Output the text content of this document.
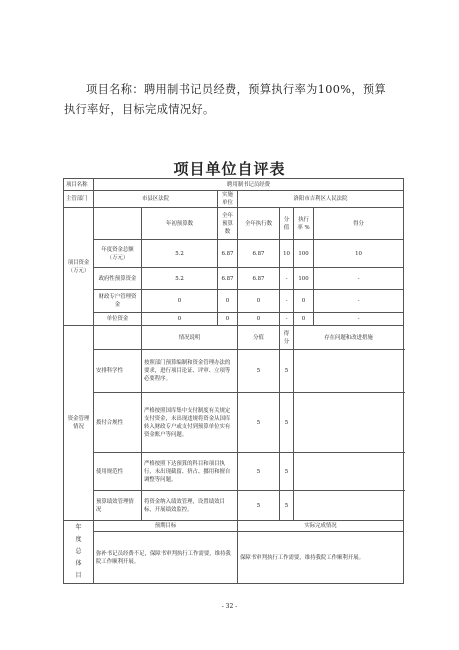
项目名称：聘用制书记员经费，预算执行率为100%，预算

执行率好，目标完成情况好。
项目单位自评表
项目名称	聘用制书记员经费						
主管部门	市县区法院		实施单位	洛阳市吉利区人民法院			
项目资金（万元）		年初预算数	全年预算数	全年执行数	分值	执行率 %	得分
	年度资金总额（万元）	5.2	6.87	6.87	10	100	10
	政府性预算资金	5.2	6.87	6.87	-	100	-
	财政专户管理资金	0	0	0	-	0	-
	单位资金	0	0	0	-	0	-
资金管理情况		情况说明		分值	得分	存在问题和改进措施	
	安排科学性	按照部门预算编制和资金管理办法的要求，进行项目论证、评审、立项等必要程序。		5	5		
	拨付合规性	严格按照国库集中支付制度有关规定支付资金，未出现违规将资金从国库转入财政专户或支付到预算单位实有资金账户等问题。		5	5		
	使用规范性	严格按照下达预算的科目和项目执行，未出现截留、挤占、挪用和擅自调整等问题。		5	5		
	预算绩效管理情况	将资金纳入绩效管理，设置绩效目标，开展绩效监控。		5	5		

年度总体目	预期目标			实际完成情况			
	弥补书记员经费不足，保障书审判执行工作需要，维持我院工作顺利开展。			保障书审判执行工作需要，维持我院工作顺利开展。			
- 32 -
